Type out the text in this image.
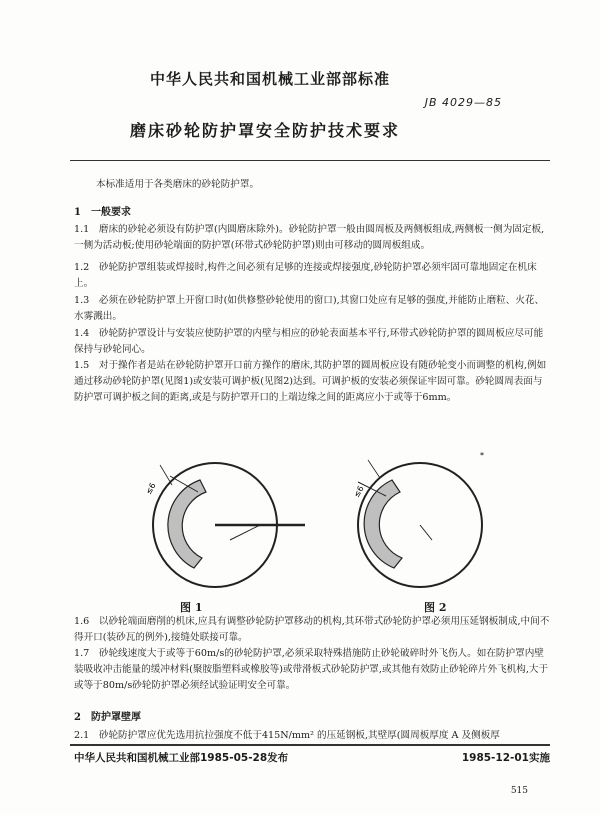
中华人民共和国机械工业部部标准
JB 4029—85
磨床砂轮防护罩安全防护技术要求
本标准适用于各类磨床的砂轮防护罩。
1　一般要求
1.1　磨床的砂轮必须设有防护罩(内圆磨床除外)。砂轮防护罩一般由圆周板及两侧板组成,两侧板一侧为固定板,一侧为活动板;使用砂轮端面的防护罩(环带式砂轮防护罩)则由可移动的圆周板组成。
1.2　砂轮防护罩组装或焊接时,构件之间必须有足够的连接或焊接强度,砂轮防护罩必须牢固可靠地固定在机床上。
1.3　必须在砂轮防护罩上开窗口时(如供修整砂轮使用的窗口),其窗口处应有足够的强度,并能防止磨粒、火花、水雾溅出。
1.4　砂轮防护罩设计与安装应使防护罩的内壁与相应的砂轮表面基本平行,环带式砂轮防护罩的圆周板应尽可能保持与砂轮同心。
1.5　对于操作者是站在砂轮防护罩开口前方操作的磨床,其防护罩的圆周板应设有随砂轮变小而调整的机构,例如通过移动砂轮防护罩(见图1)或安装可调护板(见图2)达到。可调护板的安装必须保证牢固可靠。砂轮圆周表面与防护罩可调护板之间的距离,或是与防护罩开口的上端边缘之间的距离应小于或等于6mm。
≤6	≤6
*
图 1	图 2
1.6　以砂轮端面磨削的机床,应具有调整砂轮防护罩移动的机构,其环带式砂轮防护罩必须用压延钢板制成,中间不得开口(装砂瓦的例外),接缝处联接可靠。
1.7　砂轮线速度大于或等于60m/s的砂轮防护罩,必须采取特殊措施防止砂轮破碎时外飞伤人。如在防护罩内壁装吸收冲击能量的缓冲材料(聚胺脂塑料或橡胶等)或带滑板式砂轮防护罩,或其他有效防止砂轮碎片外飞机构,大于或等于80m/s砂轮防护罩必须经试验证明安全可靠。
2　防护罩壁厚
2.1　砂轮防护罩应优先选用抗拉强度不低于415N/mm² 的压延钢板,其壁厚(圆周板厚度 A 及侧板厚
中华人民共和国机械工业部1985-05-28发布	1985-12-01实施
515
